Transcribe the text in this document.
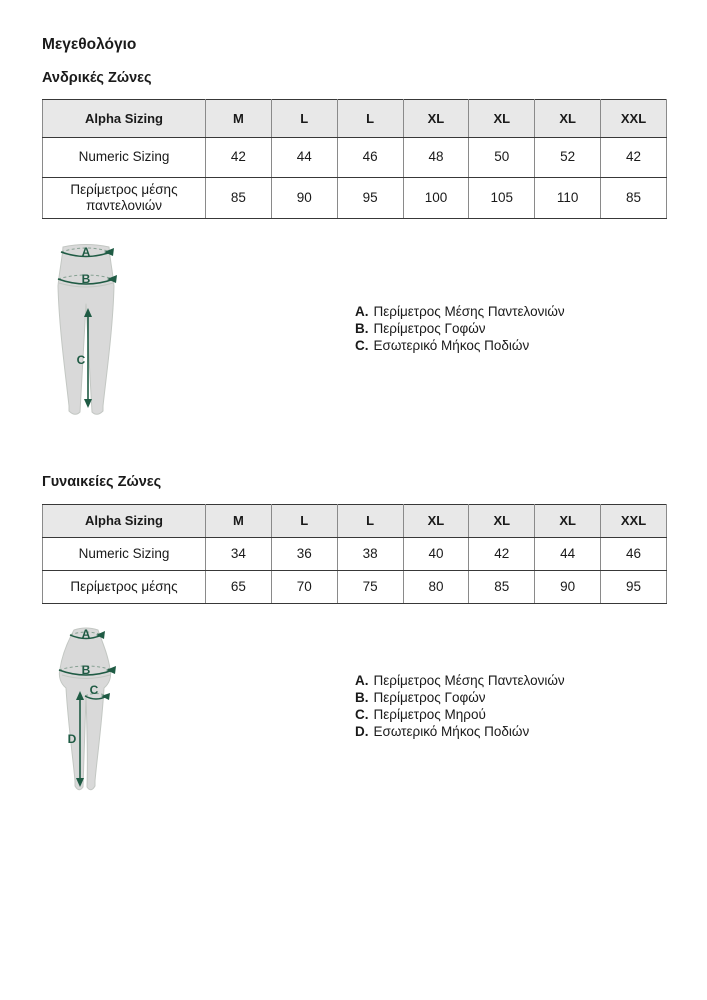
Μεγεθολόγιο
Ανδρικές Ζώνες
Alpha Sizing	M	L	L	XL	XL	XL	XXL
Numeric Sizing	42	44	46	48	50	52	42
Περίμετρος μέσης παντελονιών	85	90	95	100	105	110	85
A
B
C
A. Περίμετρος Μέσης Παντελονιών
B. Περίμετρος Γοφών
C. Εσωτερικό Μήκος Ποδιών
Γυναικείες Ζώνες
Alpha Sizing	M	L	L	XL	XL	XL	XXL
Numeric Sizing	34	36	38	40	42	44	46
Περίμετρος μέσης	65	70	75	80	85	90	95
A
B
C
D
A. Περίμετρος Μέσης Παντελονιών
B. Περίμετρος Γοφών
C. Περίμετρος Μηρού
D. Εσωτερικό Μήκος Ποδιών
